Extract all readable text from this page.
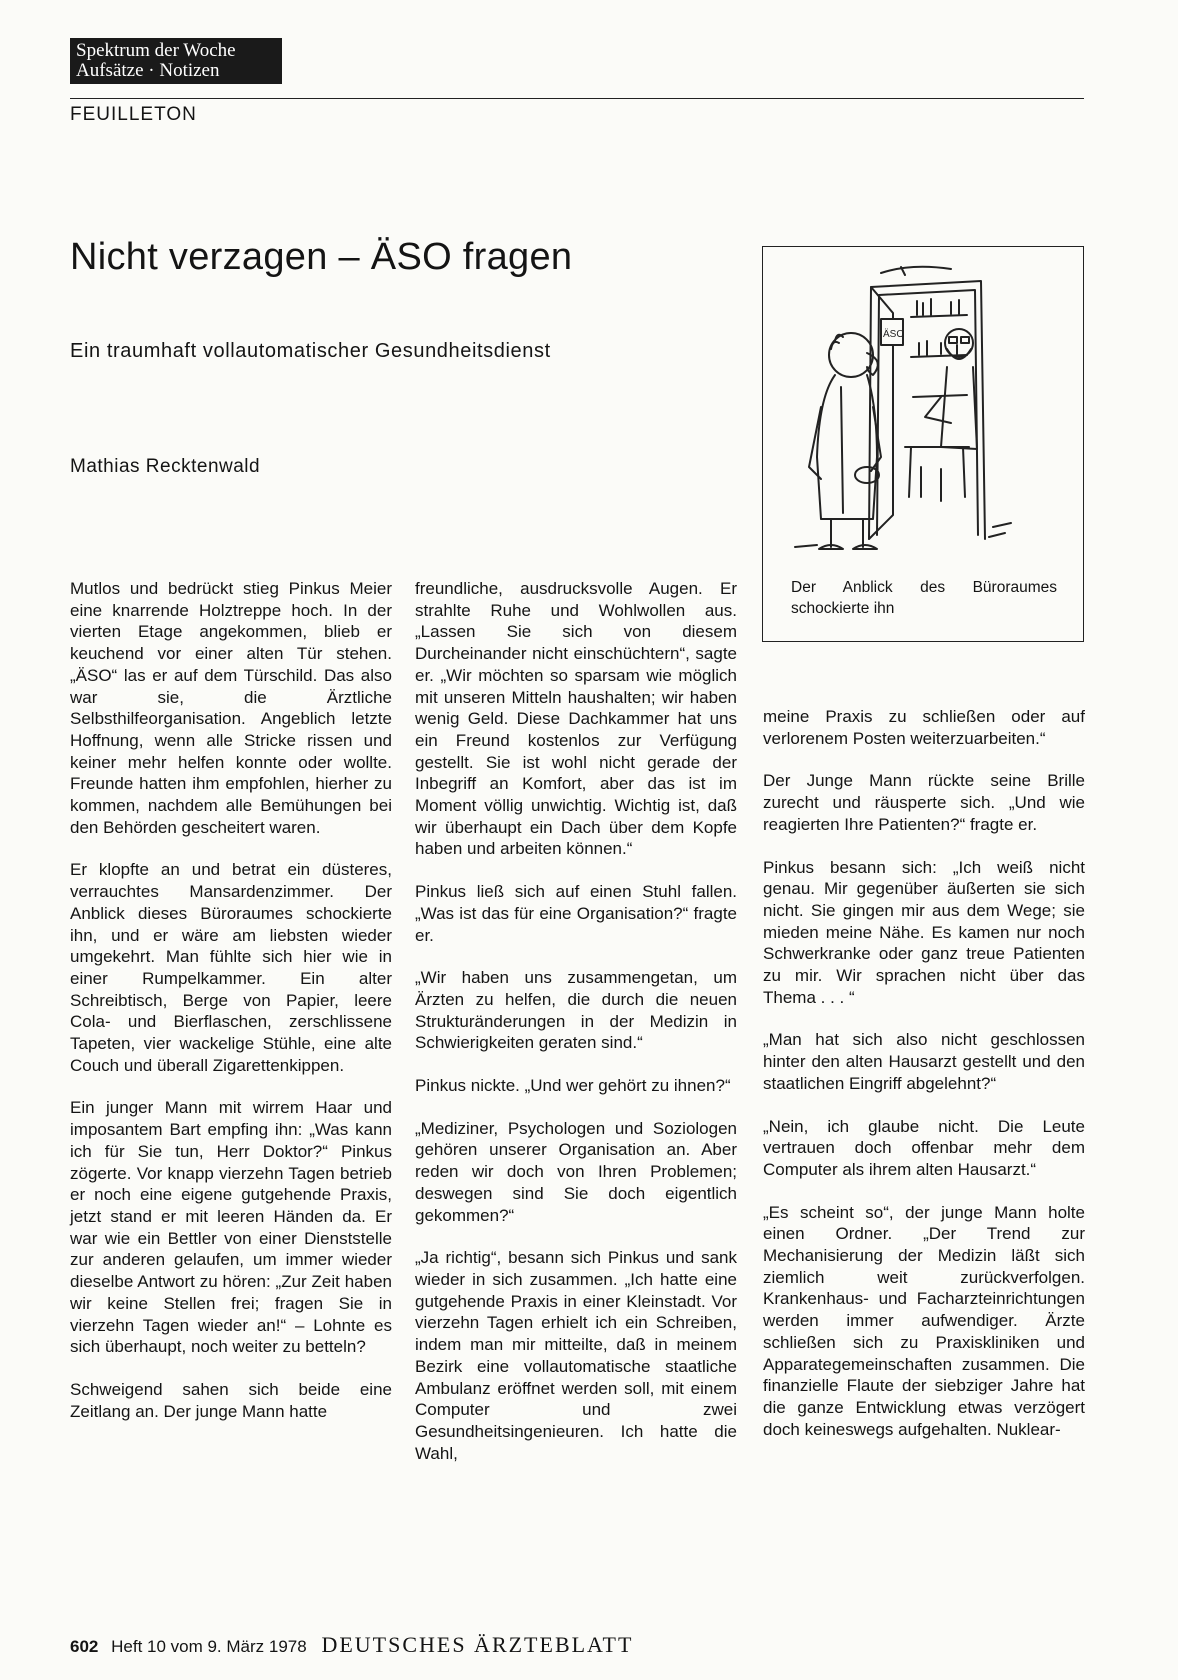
Spektrum der Woche
Aufsätze · Notizen
FEUILLETON
Nicht verzagen – ÄSO fragen
Ein traumhaft vollautomatischer Gesundheitsdienst
Mathias Recktenwald
ÄSO
Der Anblick des Büroraumes schockierte ihn

Mutlos und bedrückt stieg Pinkus Meier eine knarrende Holztreppe hoch. In der vierten Etage angekommen, blieb er keuchend vor einer alten Tür stehen. „ÄSO“ las er auf dem Türschild. Das also war sie, die Ärztliche Selbsthilfeorganisation. Angeblich letzte Hoffnung, wenn alle Stricke rissen und keiner mehr helfen konnte oder wollte. Freunde hatten ihm empfohlen, hierher zu kommen, nachdem alle Bemühungen bei den Behörden gescheitert waren.

Er klopfte an und betrat ein düsteres, verrauchtes Mansardenzimmer. Der Anblick dieses Büroraumes schockierte ihn, und er wäre am liebsten wieder umgekehrt. Man fühlte sich hier wie in einer Rumpelkammer. Ein alter Schreibtisch, Berge von Papier, leere Cola- und Bierflaschen, zerschlissene Tapeten, vier wackelige Stühle, eine alte Couch und überall Zigarettenkippen.

Ein junger Mann mit wirrem Haar und imposantem Bart empfing ihn: „Was kann ich für Sie tun, Herr Doktor?“ Pinkus zögerte. Vor knapp vierzehn Tagen betrieb er noch eine eigene gutgehende Praxis, jetzt stand er mit leeren Händen da. Er war wie ein Bettler von einer Dienststelle zur anderen gelaufen, um immer wieder dieselbe Antwort zu hören: „Zur Zeit haben wir keine Stellen frei; fragen Sie in vierzehn Tagen wieder an!“ – Lohnte es sich überhaupt, noch weiter zu betteln?

Schweigend sahen sich beide eine Zeitlang an. Der junge Mann hatte

freundliche, ausdrucksvolle Augen. Er strahlte Ruhe und Wohlwollen aus. „Lassen Sie sich von diesem Durcheinander nicht einschüchtern“, sagte er. „Wir möchten so sparsam wie möglich mit unseren Mitteln haushalten; wir haben wenig Geld. Diese Dachkammer hat uns ein Freund kostenlos zur Verfügung gestellt. Sie ist wohl nicht gerade der Inbegriff an Komfort, aber das ist im Moment völlig unwichtig. Wichtig ist, daß wir überhaupt ein Dach über dem Kopfe haben und arbeiten können.“

Pinkus ließ sich auf einen Stuhl fallen. „Was ist das für eine Organisation?“ fragte er.

„Wir haben uns zusammengetan, um Ärzten zu helfen, die durch die neuen Strukturänderungen in der Medizin in Schwierigkeiten geraten sind.“

Pinkus nickte. „Und wer gehört zu ihnen?“

„Mediziner, Psychologen und Soziologen gehören unserer Organisation an. Aber reden wir doch von Ihren Problemen; deswegen sind Sie doch eigentlich gekommen?“

„Ja richtig“, besann sich Pinkus und sank wieder in sich zusammen. „Ich hatte eine gutgehende Praxis in einer Kleinstadt. Vor vierzehn Tagen erhielt ich ein Schreiben, indem man mir mitteilte, daß in meinem Bezirk eine vollautomatische staatliche Ambulanz eröffnet werden soll, mit einem Computer und zwei Gesundheitsingenieuren. Ich hatte die Wahl,

meine Praxis zu schließen oder auf verlorenem Posten weiterzuarbeiten.“

Der Junge Mann rückte seine Brille zurecht und räusperte sich. „Und wie reagierten Ihre Patienten?“ fragte er.

Pinkus besann sich: „Ich weiß nicht genau. Mir gegenüber äußerten sie sich nicht. Sie gingen mir aus dem Wege; sie mieden meine Nähe. Es kamen nur noch Schwerkranke oder ganz treue Patienten zu mir. Wir sprachen nicht über das Thema . . . “

„Man hat sich also nicht geschlossen hinter den alten Hausarzt gestellt und den staatlichen Eingriff abgelehnt?“

„Nein, ich glaube nicht. Die Leute vertrauen doch offenbar mehr dem Computer als ihrem alten Hausarzt.“

„Es scheint so“, der junge Mann holte einen Ordner. „Der Trend zur Mechanisierung der Medizin läßt sich ziemlich weit zurückverfolgen. Krankenhaus- und Facharzteinrichtungen werden immer aufwendiger. Ärzte schließen sich zu Praxiskliniken und Apparategemeinschaften zusammen. Die finanzielle Flaute der siebziger Jahre hat die ganze Entwicklung etwas verzögert doch keineswegs aufgehalten. Nuklear-

602 Heft 10 vom 9. März 1978 DEUTSCHES ÄRZTEBLATT
